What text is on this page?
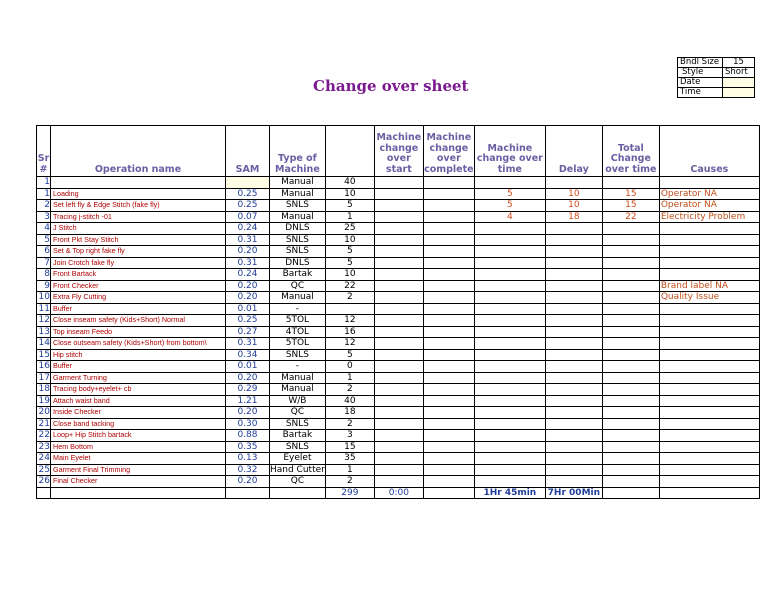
Change over sheet
Bndl Size	15
Style	Short
Date	
Time	
Sr #	Operation name	SAM	Type of Machine		Machine change over start	Machine change over complete	Machine change over time	Delay	Total Change over time	Causes
1			Manual	40						
1	Loading	0.25	Manual	10			5	10	15	Operator NA
2	Set left fly & Edge Stitch (fake fly)	0.25	SNLS	5			5	10	15	Operator NA
3	Tracing j-stitch -01	0.07	Manual	1			4	18	22	Electricity Problem
4	J Stitch	0.24	DNLS	25						
5	Front Pkt Stay Stitch	0.31	SNLS	10						
6	Set & Top right fake fly	0.20	SNLS	5						
7	Join Crotch fake fly	0.31	DNLS	5						
8	Front Bartack	0.24	Bartak	10						
9	Front Checker	0.20	QC	22						Brand label NA
10	Extra Fly Cutting	0.20	Manual	2						Quality Issue
11	Buffer	0.01	-							
12	Close inseam safety (Kids+Short) Normal	0.25	5TOL	12						
13	Top inseam Feedo	0.27	4TOL	16						
14	Close outseam safety (Kids+Short) from bottom\	0.31	5TOL	12						
15	Hip stitch	0.34	SNLS	5						
16	Buffer	0.01	-	0						
17	Garment Turning	0.20	Manual	1						
18	Tracing body+eyelet+ cb	0.29	Manual	2						
19	Attach waist band	1.21	W/B	40						
20	Inside Checker	0.20	QC	18						
21	Close band tacking	0.30	SNLS	2						
22	Loop+ Hip Stitch bartack	0.88	Bartak	3						
23	Hem Bottom	0.35	SNLS	15						
24	Main Eyelet	0.13	Eyelet	35						
25	Garment Final Trimming	0.32	Hand Cutter	1						
26	Final Checker	0.20	QC	2						
				299	0:00		1Hr 45min	7Hr 00Min		
